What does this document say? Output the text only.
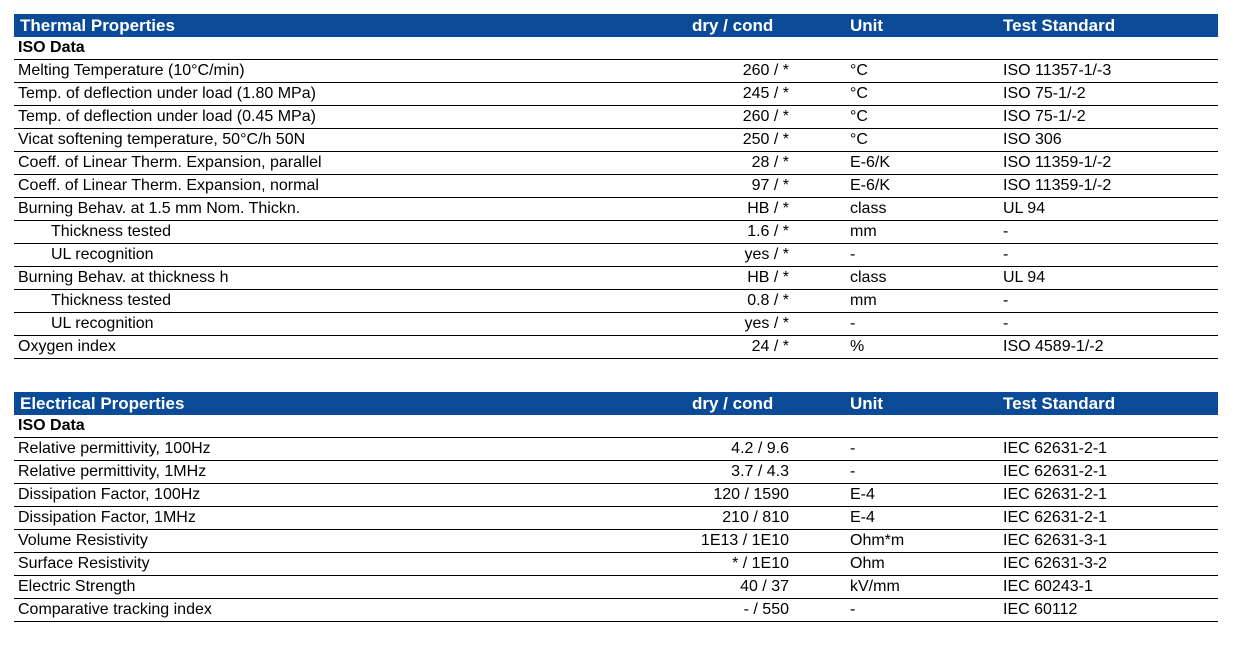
Thermal Properties	dry / cond	Unit	Test Standard
ISO Data			
Melting Temperature (10°C/min)	260 / *	°C	ISO 11357-1/-3
Temp. of deflection under load (1.80 MPa)	245 / *	°C	ISO 75-1/-2
Temp. of deflection under load (0.45 MPa)	260 / *	°C	ISO 75-1/-2
Vicat softening temperature, 50°C/h 50N	250 / *	°C	ISO 306
Coeff. of Linear Therm. Expansion, parallel	28 / *	E-6/K	ISO 11359-1/-2
Coeff. of Linear Therm. Expansion, normal	97 / *	E-6/K	ISO 11359-1/-2
Burning Behav. at 1.5 mm Nom. Thickn.	HB / *	class	UL 94
Thickness tested	1.6 / *	mm	-
UL recognition	yes / *	-	-
Burning Behav. at thickness h	HB / *	class	UL 94
Thickness tested	0.8 / *	mm	-
UL recognition	yes / *	-	-
Oxygen index	24 / *	%	ISO 4589-1/-2
Electrical Properties	dry / cond	Unit	Test Standard
ISO Data			
Relative permittivity, 100Hz	4.2 / 9.6	-	IEC 62631-2-1
Relative permittivity, 1MHz	3.7 / 4.3	-	IEC 62631-2-1
Dissipation Factor, 100Hz	120 / 1590	E-4	IEC 62631-2-1
Dissipation Factor, 1MHz	210 / 810	E-4	IEC 62631-2-1
Volume Resistivity	1E13 / 1E10	Ohm*m	IEC 62631-3-1
Surface Resistivity	* / 1E10	Ohm	IEC 62631-3-2
Electric Strength	40 / 37	kV/mm	IEC 60243-1
Comparative tracking index	- / 550	-	IEC 60112
